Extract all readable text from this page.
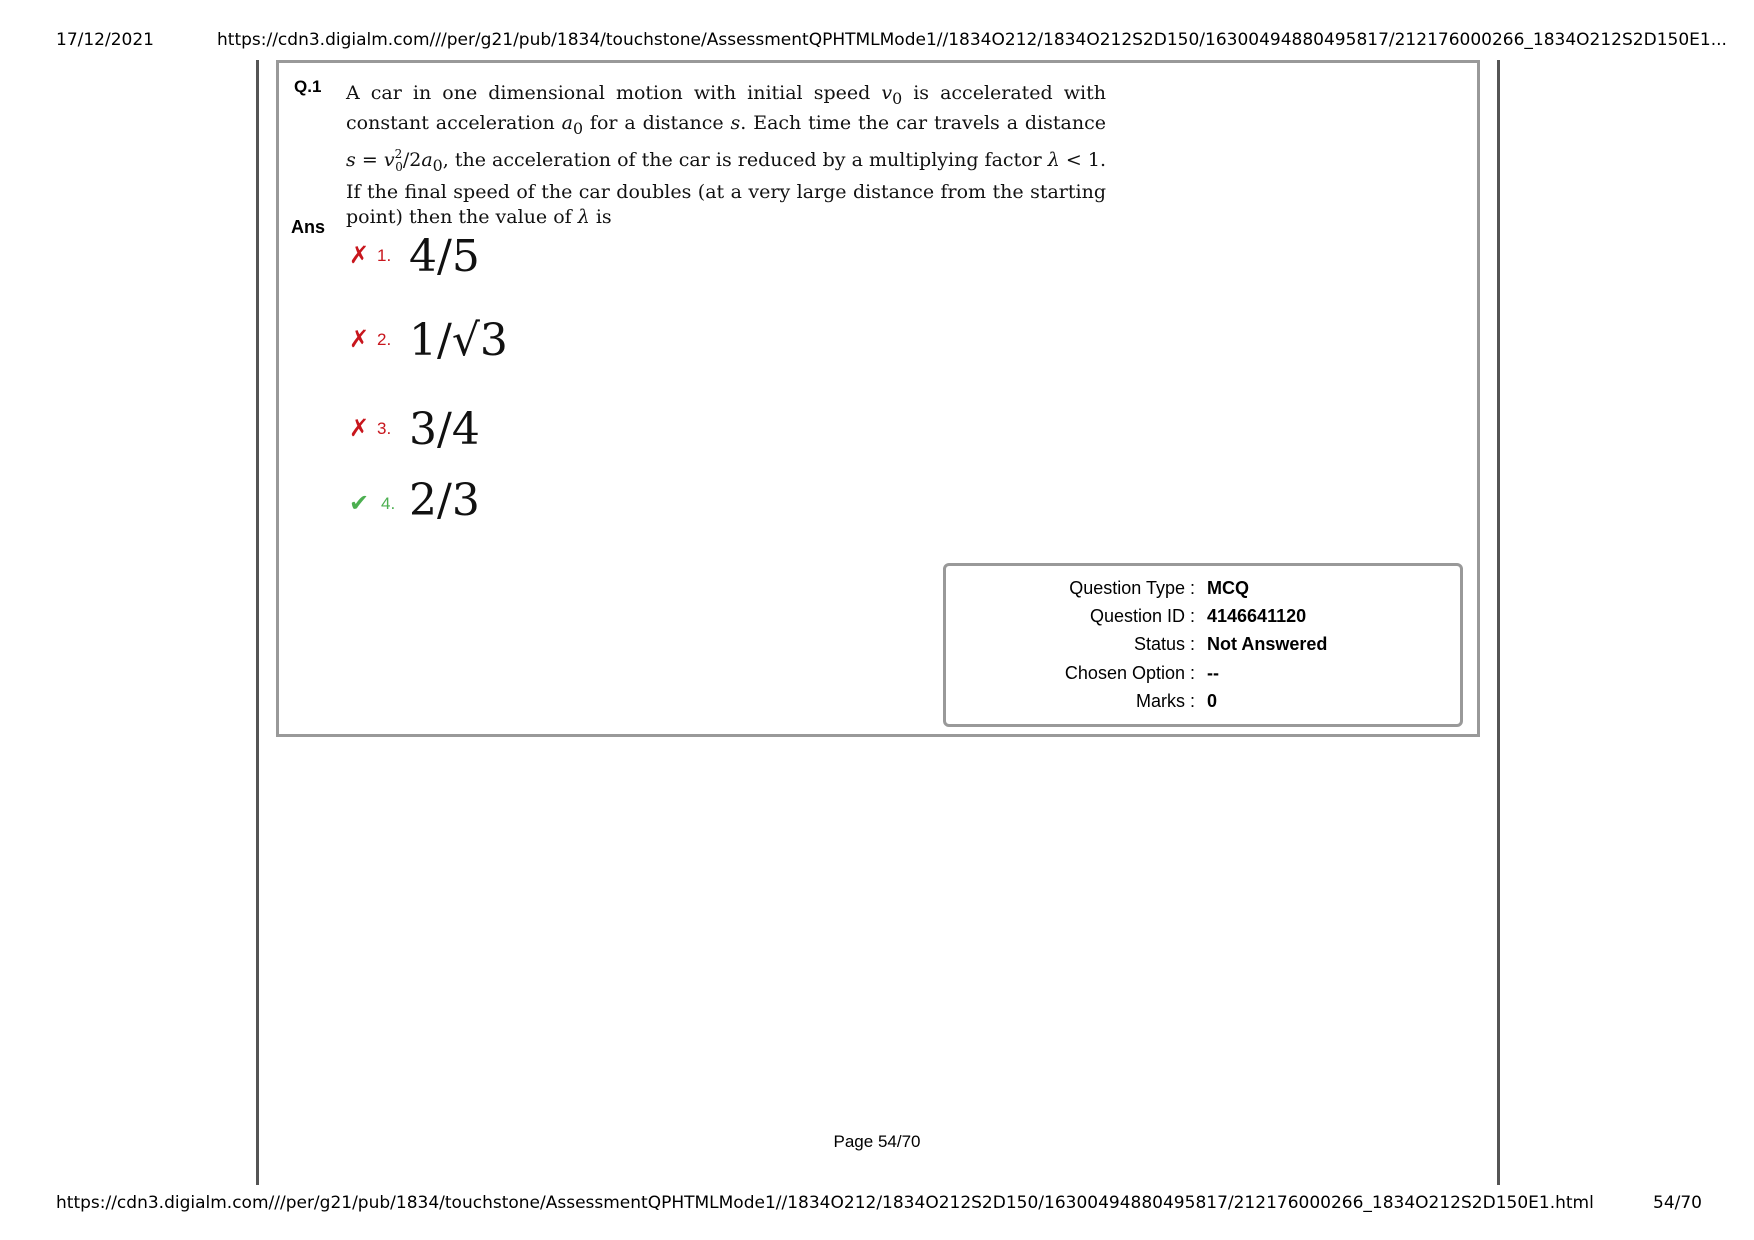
17/12/2021	https://cdn3.digialm.com///per/g21/pub/1834/touchstone/AssessmentQPHTMLMode1//1834O212/1834O212S2D150/16300494880495817/212176000266_1834O212S2D150E1...
Q.1 A car in one dimensional motion with initial speed $v_0$ is accelerated with constant acceleration $a_0$ for a distance s. Each time the car travels a distance $s = v^2_0/2a_0$, the acceleration of the car is reduced by a multiplying factor λ < 1. If the final speed of the car doubles (at a very large distance from the starting point) then the value of λ is
Ans
✗ 1. 4/5
✗ 2. 1/√3
✗ 3. 3/4
✔ 4. 2/3
Question Type : MCQ
Question ID : 4146641120
Status : Not Answered
Chosen Option : --
Marks : 0
Page 54/70
https://cdn3.digialm.com///per/g21/pub/1834/touchstone/AssessmentQPHTMLMode1//1834O212/1834O212S2D150/16300494880495817/212176000266_1834O212S2D150E1.html	54/70
